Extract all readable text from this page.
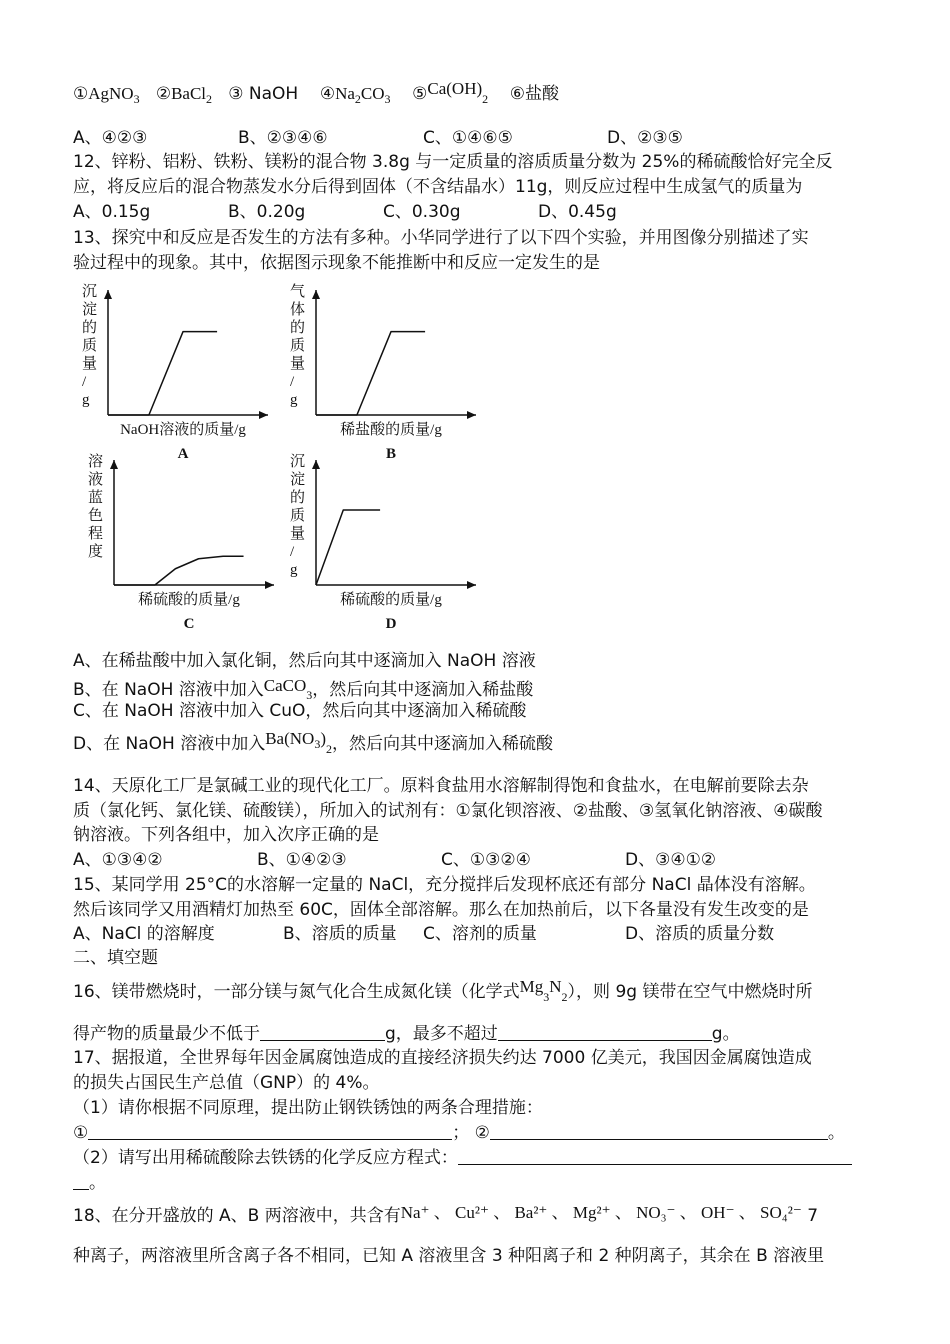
①AgNO$_3$ ②BaCl$_2$ ③ NaOH $④Na_2CO_3$ $⑤Ca(OH)_2$ ⑥盐酸
A、④②③	B、②③④⑥	C、①④⑥⑤	D、②③⑤
12、锌粉、铝粉、铁粉、镁粉的混合物 3.8g 与一定质量的溶质质量分数为 25%的稀硫酸恰好完全反
应，将反应后的混合物蒸发水分后得到固体（不含结晶水）11g，则反应过程中生成氢气的质量为
A、0.15g	B、0.20g	C、0.30g	D、0.45g
13、探究中和反应是否发生的方法有多种。小华同学进行了以下四个实验，并用图像分别描述了实
验过程中的现象。其中，依据图示现象不能推断中和反应一定发生的是
沉
淀
的
质
量
/
g
NaOH溶液的质量/g
A
气
体
的
质
量
/
g
稀盐酸的质量/g
B
溶
液
蓝
色
程
度
稀硫酸的质量/g
C
沉
淀
的
质
量
/
g
稀硫酸的质量/g
D
A、在稀盐酸中加入氯化铜，然后向其中逐滴加入 NaOH 溶液
B、在 NaOH 溶液中加入CaCO$_3$，然后向其中逐滴加入稀盐酸
C、在 NaOH 溶液中加入 CuO，然后向其中逐滴加入稀硫酸
D、在 NaOH 溶液中加入$Ba(NO3)_2$，然后向其中逐滴加入稀硫酸
14、天原化工厂是氯碱工业的现代化工厂。原料食盐用水溶解制得饱和食盐水，在电解前要除去杂
质（氯化钙、氯化镁、硫酸镁），所加入的试剂有：①氯化钡溶液、②盐酸、③氢氧化钠溶液、④碳酸
钠溶液。下列各组中，加入次序正确的是
A、①③④②	B、①④②③	C、①③②④	D、③④①②
15、某同学用 25°C的水溶解一定量的 NaCl，充分搅拌后发现杯底还有部分 NaCl 晶体没有溶解。
然后该同学又用酒精灯加热至 60C，固体全部溶解。那么在加热前后，以下各量没有发生改变的是
A、NaCl 的溶解度	B、溶质的质量 C、溶剂的质量	D、溶质的质量分数
二、填空题
16、镁带燃烧时，一部分镁与氮气化合生成氮化镁（化学式$Mg_3N_2$），则 9g 镁带在空气中燃烧时所
得产物的质量最少不低于	g，最多不超过	g。
17、据报道，全世界每年因金属腐蚀造成的直接经济损失约达 7000 亿美元，我国因金属腐蚀造成
的损失占国民生产总值（GNP）的 4%。
（1）请你根据不同原理，提出防止钢铁锈蚀的两条合理措施：
①	； ②	。
（2）请写出用稀硫酸除去铁锈的化学反应方程式：
。
18、在分开盛放的 A、B 两溶液中，共含有Na⁺ 、 Cu²⁺ 、 Ba²⁺ 、 Mg²⁺ 、 NO₃⁻ 、 OH⁻ 、 SO₄²⁻ 7
种离子，两溶液里所含离子各不相同，已知 A 溶液里含 3 种阳离子和 2 种阴离子，其余在 B 溶液里
